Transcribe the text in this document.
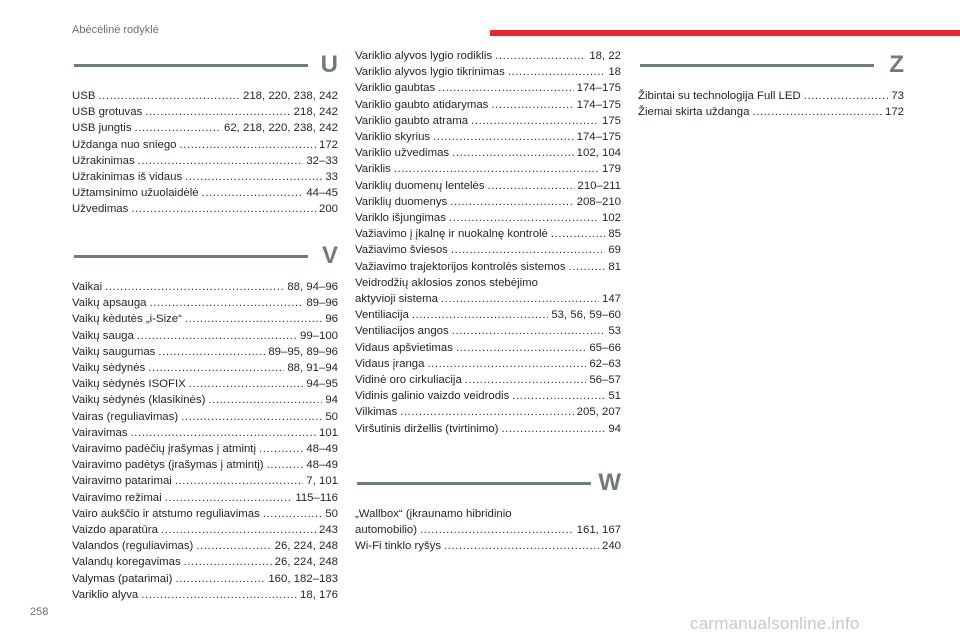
Abėcėlinė rodyklė
U
USB . . .	218, 220, 238, 242
USB grotuvas . . .	218, 242
USB jungtis . . .	62, 218, 220, 238, 242
Uždanga nuo sniego . . .	172
Užrakinimas . . .	32–33
Užrakinimas iš vidaus . . .	33
Užtamsinimo užuolaidėlė . . .	44–45
Užvedimas . . .	200
V
Vaikai . . .	88, 94–96
Vaikų apsauga . . .	89–96
Vaikų kėdutės „i-Size“ . . .	96
Vaikų sauga . . .	99–100
Vaikų saugumas . . .	89–95, 89–96
Vaikų sėdynės . . .	88, 91–94
Vaikų sėdynės ISOFIX . . .	94–95
Vaikų sėdynės (klasikinės) . . .	94
Vairas (reguliavimas) . . .	50
Vairavimas . . .	101
Vairavimo padėčių įrašymas į atmintį . . .	48–49
Vairavimo padėtys (įrašymas į atmintį) . . .	48–49
Vairavimo patarimai . . .	7, 101
Vairavimo režimai . . .	115–116
Vairo aukščio ir atstumo reguliavimas . . .	50
Vaizdo aparatūra . . .	243
Valandos (reguliavimas) . . .	26, 224, 248
Valandų koregavimas . . .	26, 224, 248
Valymas (patarimai) . . .	160, 182–183
Variklio alyva . . .	18, 176
Variklio alyvos lygio rodiklis . . .	18, 22
Variklio alyvos lygio tikrinimas . . .	18
Variklio gaubtas . . .	174–175
Variklio gaubto atidarymas . . .	174–175
Variklio gaubto atrama . . .	175
Variklio skyrius . . .	174–175
Variklio užvedimas . . .	102, 104
Variklis . . .	179
Variklių duomenų lentelės . . .	210–211
Variklių duomenys . . .	208–210
Variklo išjungimas . . .	102
Važiavimo į įkalnę ir nuokalnę kontrolė . . .	85
Važiavimo šviesos . . .	69
Važiavimo trajektorijos kontrolės sistemos . . .	81
Veidrodžių aklosios zonos stebėjimo
aktyvioji sistema . . .	147
Ventiliacija . . .	53, 56, 59–60
Ventiliacijos angos . . .	53
Vidaus apšvietimas . . .	65–66
Vidaus įranga . . .	62–63
Vidinė oro cirkuliacija . . .	56–57
Vidinis galinio vaizdo veidrodis . . .	51
Vilkimas . . .	205, 207
Viršutinis diržellis (tvirtinimo) . . .	94
W
„Wallbox“ (įkraunamo hibridinio
automobilio) . . .	161, 167
Wi-Fi tinklo ryšys . . .	240
Z
Žibintai su technologija Full LED . . .	73
Žiemai skirta uždanga . . .	172
258
carmanualsonline.info
